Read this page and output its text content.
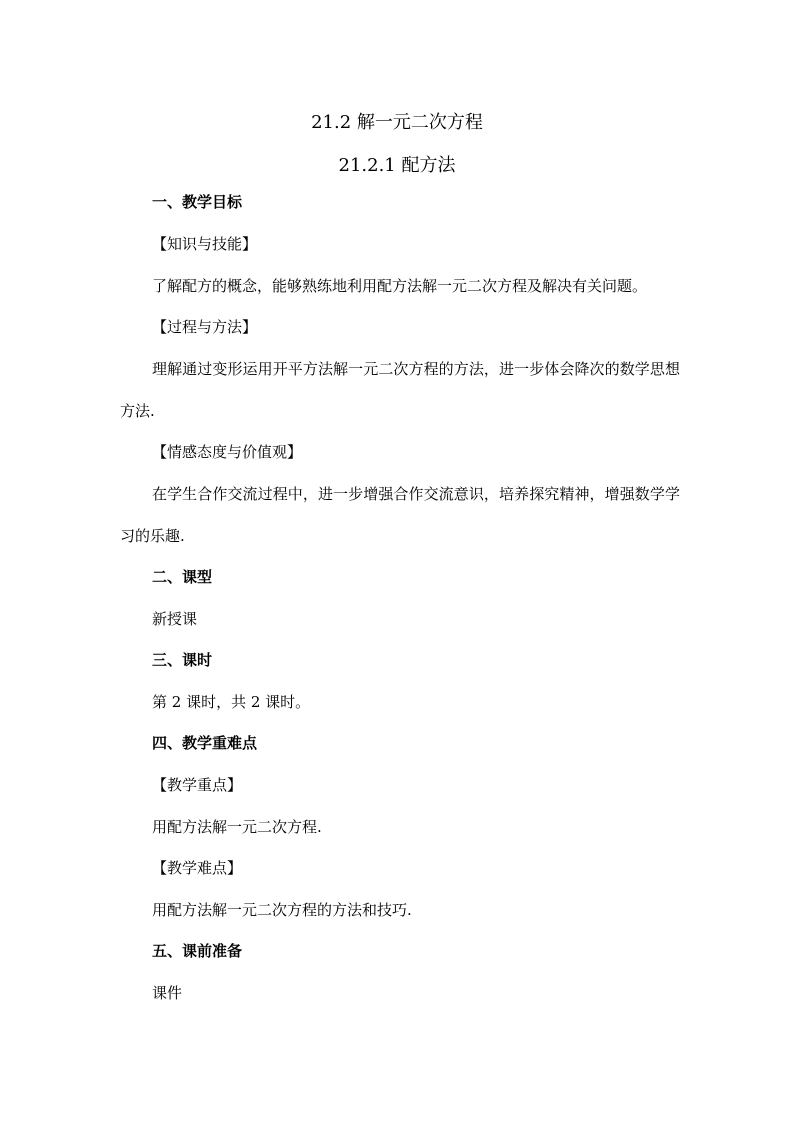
21.2 解一元二次方程
21.2.1 配方法
一、教学目标
【知识与技能】
了解配方的概念，能够熟练地利用配方法解一元二次方程及解决有关问题。
【过程与方法】
理解通过变形运用开平方法解一元二次方程的方法，进一步体会降次的数学思想方法.
【情感态度与价值观】
在学生合作交流过程中，进一步增强合作交流意识，培养探究精神，增强数学学习的乐趣.
二、课型
新授课
三、课时
第 2 课时，共 2 课时。
四、教学重难点
【教学重点】
用配方法解一元二次方程.
【教学难点】
用配方法解一元二次方程的方法和技巧.
五、课前准备
课件
